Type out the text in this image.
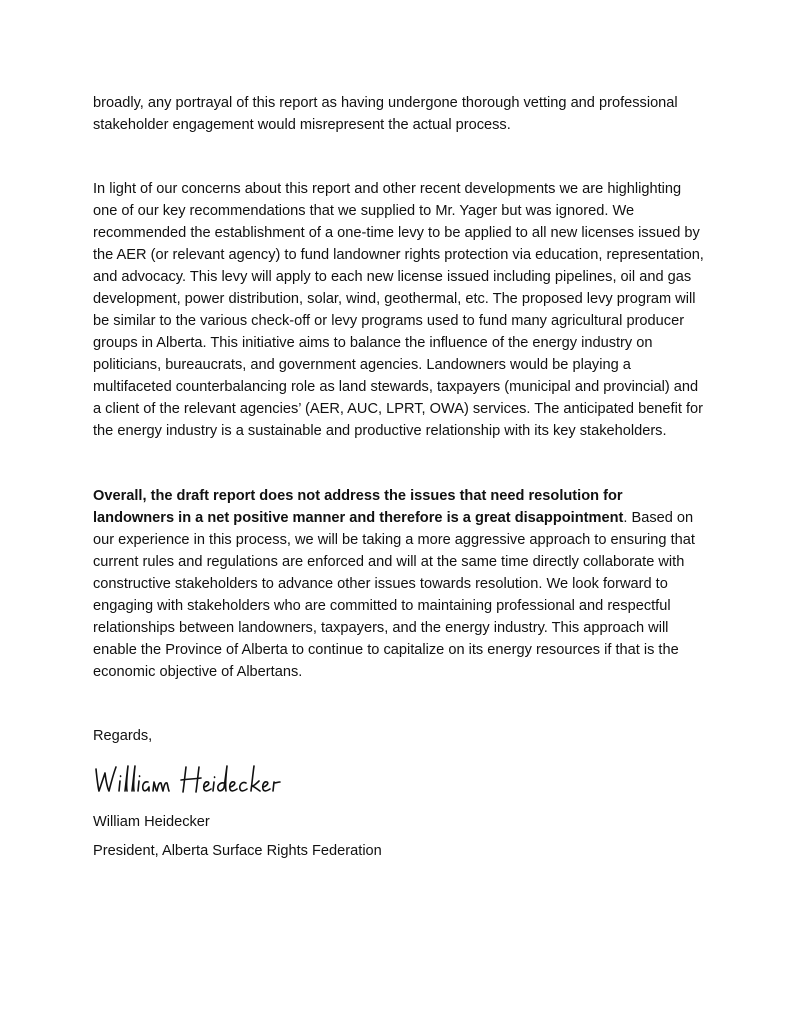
broadly, any portrayal of this report as having undergone thorough vetting and professional stakeholder engagement would misrepresent the actual process.

In light of our concerns about this report and other recent developments we are highlighting one of our key recommendations that we supplied to Mr. Yager but was ignored. We recommended the establishment of a one-time levy to be applied to all new licenses issued by the AER (or relevant agency) to fund landowner rights protection via education, representation, and advocacy. This levy will apply to each new license issued including pipelines, oil and gas development, power distribution, solar, wind, geothermal, etc. The proposed levy program will be similar to the various check-off or levy programs used to fund many agricultural producer groups in Alberta. This initiative aims to balance the influence of the energy industry on politicians, bureaucrats, and government agencies. Landowners would be playing a multifaceted counterbalancing role as land stewards, taxpayers (municipal and provincial) and a client of the relevant agencies’ (AER, AUC, LPRT, OWA) services. The anticipated benefit for the energy industry is a sustainable and productive relationship with its key stakeholders.

Overall, the draft report does not address the issues that need resolution for landowners in a net positive manner and therefore is a great disappointment. Based on our experience in this process, we will be taking a more aggressive approach to ensuring that current rules and regulations are enforced and will at the same time directly collaborate with constructive stakeholders to advance other issues towards resolution. We look forward to engaging with stakeholders who are committed to maintaining professional and respectful relationships between landowners, taxpayers, and the energy industry. This approach will enable the Province of Alberta to continue to capitalize on its energy resources if that is the economic objective of Albertans.

Regards,

William Heidecker
President, Alberta Surface Rights Federation
